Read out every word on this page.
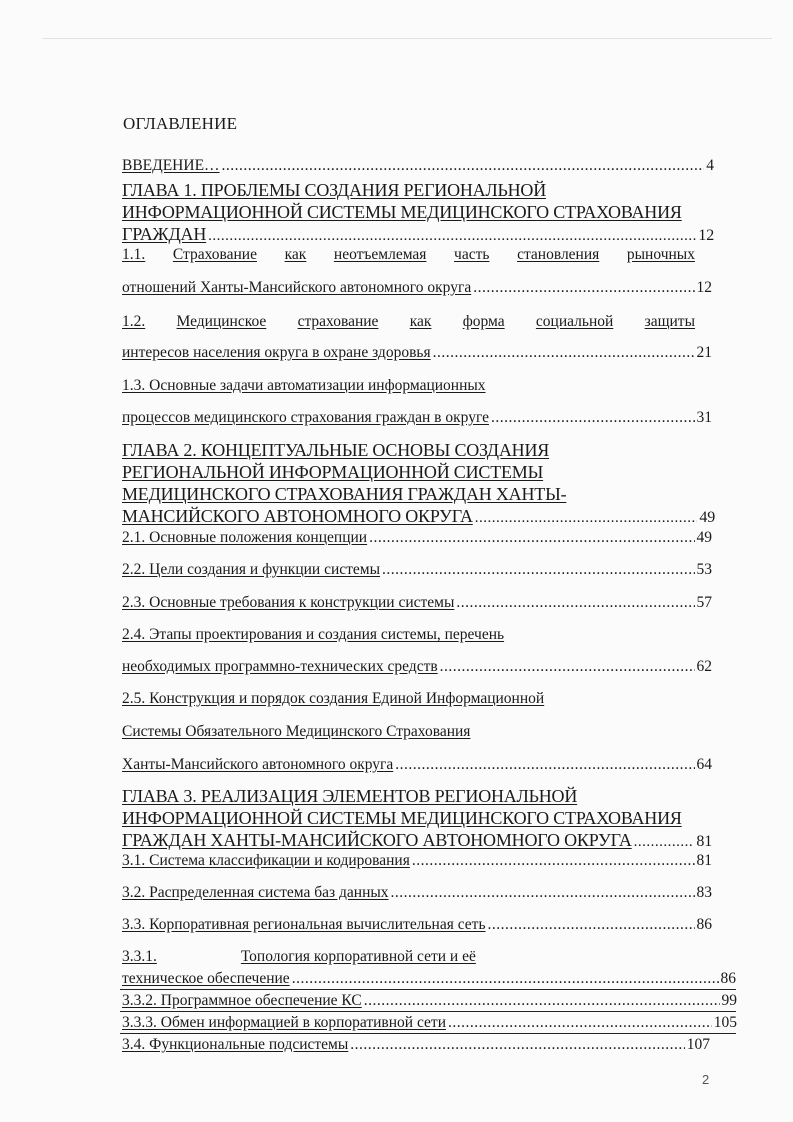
ОГЛАВЛЕНИЕ
ВВЕДЕНИЕ… .....	4
ГЛАВА 1. ПРОБЛЕМЫ СОЗДАНИЯ РЕГИОНАЛЬНОЙ
ИНФОРМАЦИОННОЙ СИСТЕМЫ МЕДИЦИНСКОГО СТРАХОВАНИЯ
ГРАЖДАН .....	12
1.1. Страхование как неотъемлемая часть становления рыночных
отношений Ханты-Мансийского автономного округа .....	12
1.2. Медицинское страхование как форма социальной защиты
интересов населения округа в охране здоровья .....	21
1.3. Основные задачи автоматизации информационных
процессов медицинского страхования граждан в округе .....	31
ГЛАВА 2. КОНЦЕПТУАЛЬНЫЕ ОСНОВЫ СОЗДАНИЯ
РЕГИОНАЛЬНОЙ ИНФОРМАЦИОННОЙ СИСТЕМЫ
МЕДИЦИНСКОГО СТРАХОВАНИЯ ГРАЖДАН ХАНТЫ-
МАНСИЙСКОГО АВТОНОМНОГО ОКРУГА .....	49
2.1. Основные положения концепции .....	49
2.2. Цели создания и функции системы .....	53
2.3. Основные требования к конструкции системы .....	57
2.4. Этапы проектирования и создания системы, перечень
необходимых программно-технических средств .....	62
2.5. Конструкция и порядок создания Единой Информационной
Системы Обязательного Медицинского Страхования
Ханты-Мансийского автономного округа .....	64
ГЛАВА 3. РЕАЛИЗАЦИЯ ЭЛЕМЕНТОВ РЕГИОНАЛЬНОЙ
ИНФОРМАЦИОННОЙ СИСТЕМЫ МЕДИЦИНСКОГО СТРАХОВАНИЯ
ГРАЖДАН ХАНТЫ-МАНСИЙСКОГО АВТОНОМНОГО ОКРУГА .....	81
3.1. Система классификации и кодирования .....	81
3.2. Распределенная система баз данных .....	83
3.3. Корпоративная региональная вычислительная сеть .....	86
3.3.1.	Топология корпоративной сети и её
техническое обеспечение .....	86
3.3.2. Программное обеспечение КС .....	99
3.3.3. Обмен информацией в корпоративной сети .....	105
3.4. Функциональные подсистемы .....	107
2
